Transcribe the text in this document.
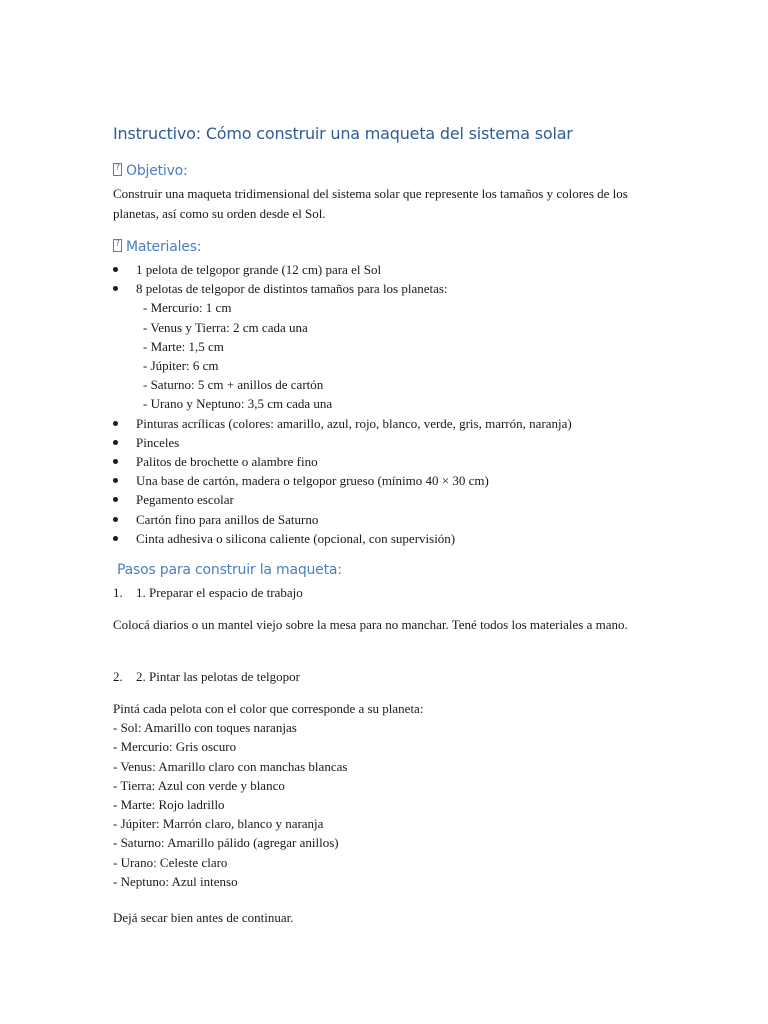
Instructivo: Cómo construir una maqueta del sistema solar
?Objetivo:

Construir una maqueta tridimensional del sistema solar que represente los tamaños y colores de los planetas, así como su orden desde el Sol.

?Materiales:
1 pelota de telgopor grande (12 cm) para el Sol
8 pelotas de telgopor de distintos tamaños para los planetas:
- Mercurio: 1 cm
- Venus y Tierra: 2 cm cada una
- Marte: 1,5 cm
- Júpiter: 6 cm
- Saturno: 5 cm + anillos de cartón
- Urano y Neptuno: 3,5 cm cada una
Pinturas acrílicas (colores: amarillo, azul, rojo, blanco, verde, gris, marrón, naranja)
Pinceles
Palitos de brochette o alambre fino
Una base de cartón, madera o telgopor grueso (mínimo 40 × 30 cm)
Pegamento escolar
Cartón fino para anillos de Saturno
Cinta adhesiva o silicona caliente (opcional, con supervisión)
Pasos para construir la maqueta:

1. 1. Preparar el espacio de trabajo

Colocá diarios o un mantel viejo sobre la mesa para no manchar. Tené todos los materiales a mano.

2. 2. Pintar las pelotas de telgopor

Pintá cada pelota con el color que corresponde a su planeta:
- Sol: Amarillo con toques naranjas
- Mercurio: Gris oscuro
- Venus: Amarillo claro con manchas blancas
- Tierra: Azul con verde y blanco
- Marte: Rojo ladrillo
- Júpiter: Marrón claro, blanco y naranja
- Saturno: Amarillo pálido (agregar anillos)
- Urano: Celeste claro
- Neptuno: Azul intenso

Dejá secar bien antes de continuar.
